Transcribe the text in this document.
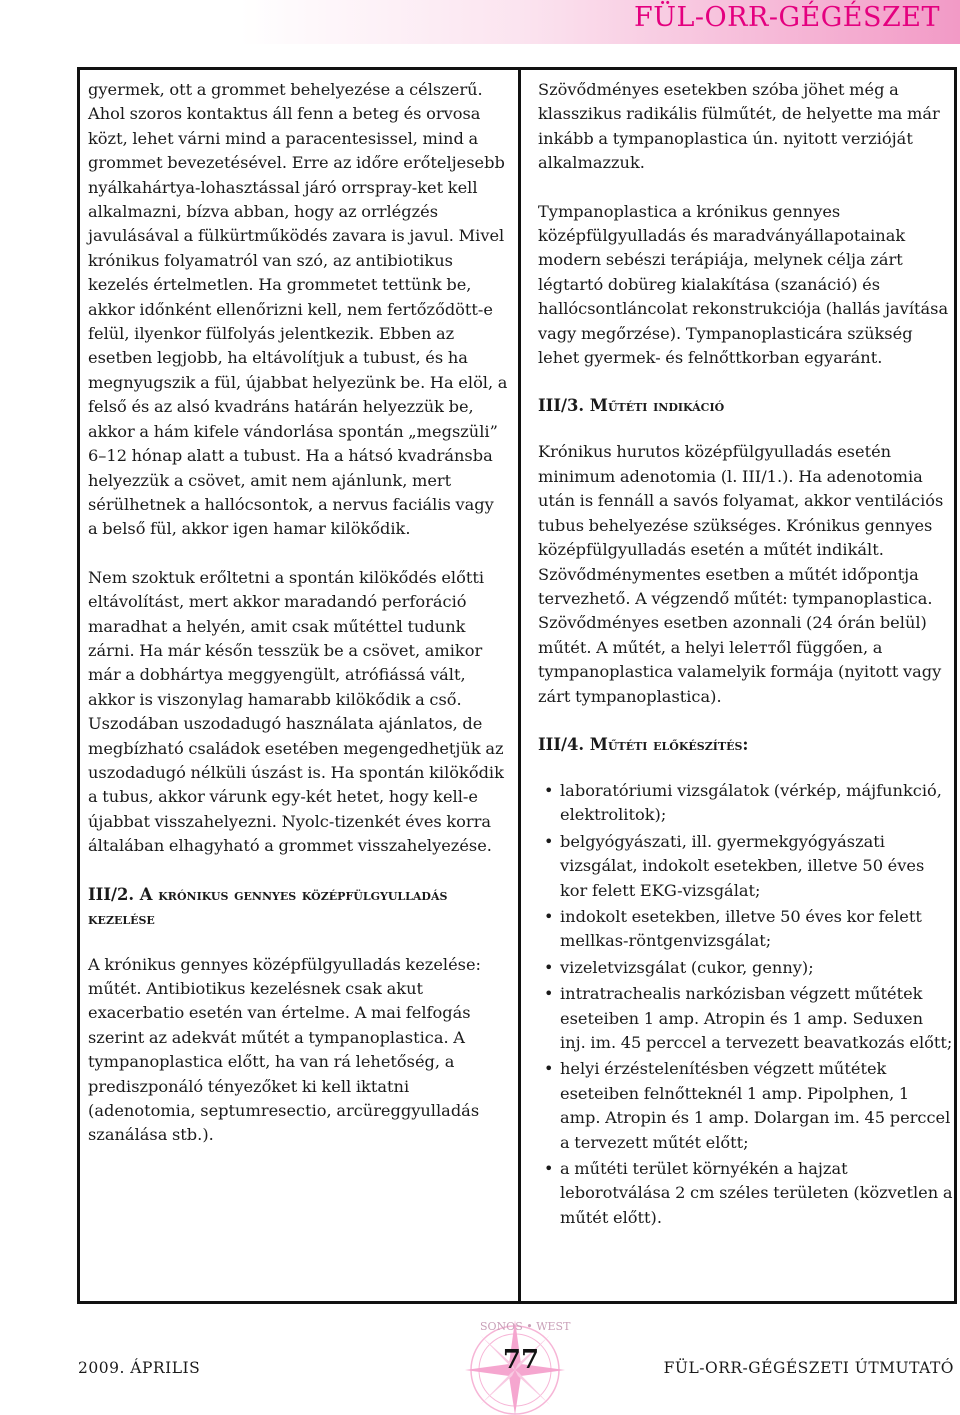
FÜL-ORR-GÉGÉSZET

gyermek, ott a grommet behelyezése a célszerű. Ahol szoros kontaktus áll fenn a beteg és orvosa közt, lehet várni mind a paracentesissel, mind a grommet bevezetésével. Erre az időre erőteljesebb nyálkahártya-lohasztással járó orrspray-ket kell alkalmazni, bízva abban, hogy az orrlégzés javulásával a fülkürtműködés zavara is javul. Mivel krónikus folyamatról van szó, az antibiotikus kezelés értelmetlen. Ha grommetet tettünk be, akkor időnként ellenőrizni kell, nem fertőződött-e felül, ilyenkor fülfolyás jelentkezik. Ebben az esetben legjobb, ha eltávolítjuk a tubust, és ha megnyugszik a fül, újabbat helyezünk be. Ha elöl, a felső és az alsó kvadráns határán helyezzük be, akkor a hám kifele vándorlása spontán „megszüli” 6–12 hónap alatt a tubust. Ha a hátsó kvadránsba helyezzük a csövet, amit nem ajánlunk, mert sérülhetnek a hallócsontok, a nervus faciális vagy a belső fül, akkor igen hamar kilökődik.

Nem szoktuk erőltetni a spontán kilökődés előtti eltávolítást, mert akkor maradandó perforáció maradhat a helyén, amit csak műtéttel tudunk zárni. Ha már későn tesszük be a csövet, amikor már a dobhártya meggyengült, atrófiássá vált, akkor is viszonylag hamarabb kilökődik a cső. Uszodában uszodadugó használata ajánlatos, de megbízható családok esetében megengedhetjük az uszodadugó nélküli úszást is. Ha spontán kilökődik a tubus, akkor várunk egy-két hetet, hogy kell-e újabbat visszahelyezni. Nyolc-tizenkét éves korra általában elhagyható a grommet visszahelyezése.

III/2. A krónikus gennyes középfülgyulladás kezelése

A krónikus gennyes középfülgyulladás kezelése: műtét. Antibiotikus kezelésnek csak akut exacerbatio esetén van értelme. A mai felfogás szerint az adekvát műtét a tympanoplastica. A tympanoplastica előtt, ha van rá lehetőség, a prediszponáló tényezőket ki kell iktatni (adenotomia, septumresectio, arcüreggyulladás szanálása stb.).

Szövődményes esetekben szóba jöhet még a klasszikus radikális fülműtét, de helyette ma már inkább a tympanoplastica ún. nyitott verzióját alkalmazzuk.

Tympanoplastica a krónikus gennyes középfülgyulladás és maradványállapotainak modern sebészi terápiája, melynek célja zárt légtartó dobüreg kialakítása (szanáció) és hallócsontláncolat rekonstrukciója (hallás javítása vagy megőrzése). Tympanoplasticára szükség lehet gyermek- és felnőttkorban egyaránt.

III/3. Műtéti indikáció

Krónikus hurutos középfülgyulladás esetén minimum adenotomia (l. III/1.). Ha adenotomia után is fennáll a savós folyamat, akkor ventilációs tubus behelyezése szükséges. Krónikus gennyes középfülgyulladás esetén a műtét indikált. Szövődménymentes esetben a műtét időpontja tervezhető. A végzendő műtét: tympanoplastica. Szövődményes esetben azonnali (24 órán belül) műtét. A műtét, a helyi leleттől függően, a tympanoplastica valamelyik formája (nyitott vagy zárt tympanoplastica).

III/4. Műtéti előkészítés:
• laboratóriumi vizsgálatok (vérkép, májfunkció, elektrolitok);
• belgyógyászati, ill. gyermekgyógyászati vizsgálat, indokolt esetekben, illetve 50 éves kor felett EKG-vizsgálat;
• indokolt esetekben, illetve 50 éves kor felett mellkas-röntgenvizsgálat;
• vizeletvizsgálat (cukor, genny);
• intratrachealis narkózisban végzett műtétek eseteiben 1 amp. Atropin és 1 amp. Seduxen inj. im. 45 perccel a tervezett beavatkozás előtt;
• helyi érzéstelenítésben végzett műtétek eseteiben felnőtteknél 1 amp. Pipolphen, 1 amp. Atropin és 1 amp. Dolargan im. 45 perccel a tervezett műtét előtt;
• a műtéti terület környékén a hajzat leborotválása 2 cm széles területen (közvetlen a műtét előtt).
SONOS • WEST
2009. ÁPRILIS	77	FÜL-ORR-GÉGÉSZETI ÚTMUTATÓ
